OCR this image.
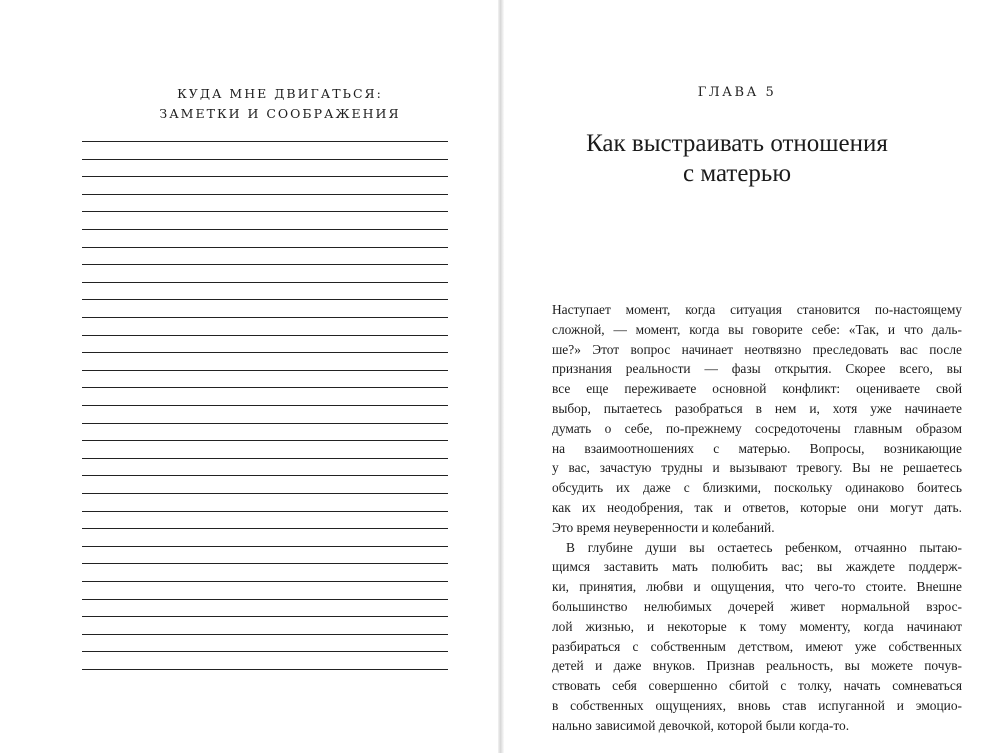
КУДА МНЕ ДВИГАТЬСЯ:
ЗАМЕТКИ И СООБРАЖЕНИЯ
ГЛАВА 5
Как выстраивать отношения
с матерью
Наступает момент, когда ситуация становится по-настоящему
сложной, — момент, когда вы говорите себе: «Так, и что даль-
ше?» Этот вопрос начинает неотвязно преследовать вас после
признания реальности — фазы открытия. Скорее всего, вы
все еще переживаете основной конфликт: оцениваете свой
выбор, пытаетесь разобраться в нем и, хотя уже начинаете
думать о себе, по-прежнему сосредоточены главным образом
на взаимоотношениях с матерью. Вопросы, возникающие
у вас, зачастую трудны и вызывают тревогу. Вы не решаетесь
обсудить их даже с близкими, поскольку одинаково боитесь
как их неодобрения, так и ответов, которые они могут дать.
Это время неуверенности и колебаний.
В глубине души вы остаетесь ребенком, отчаянно пытаю-
щимся заставить мать полюбить вас; вы жаждете поддерж-
ки, принятия, любви и ощущения, что чего-то стоите. Внешне
большинство нелюбимых дочерей живет нормальной взрос-
лой жизнью, и некоторые к тому моменту, когда начинают
разбираться с собственным детством, имеют уже собственных
детей и даже внуков. Признав реальность, вы можете почув-
ствовать себя совершенно сбитой с толку, начать сомневаться
в собственных ощущениях, вновь став испуганной и эмоцио-
нально зависимой девочкой, которой были когда-то.
